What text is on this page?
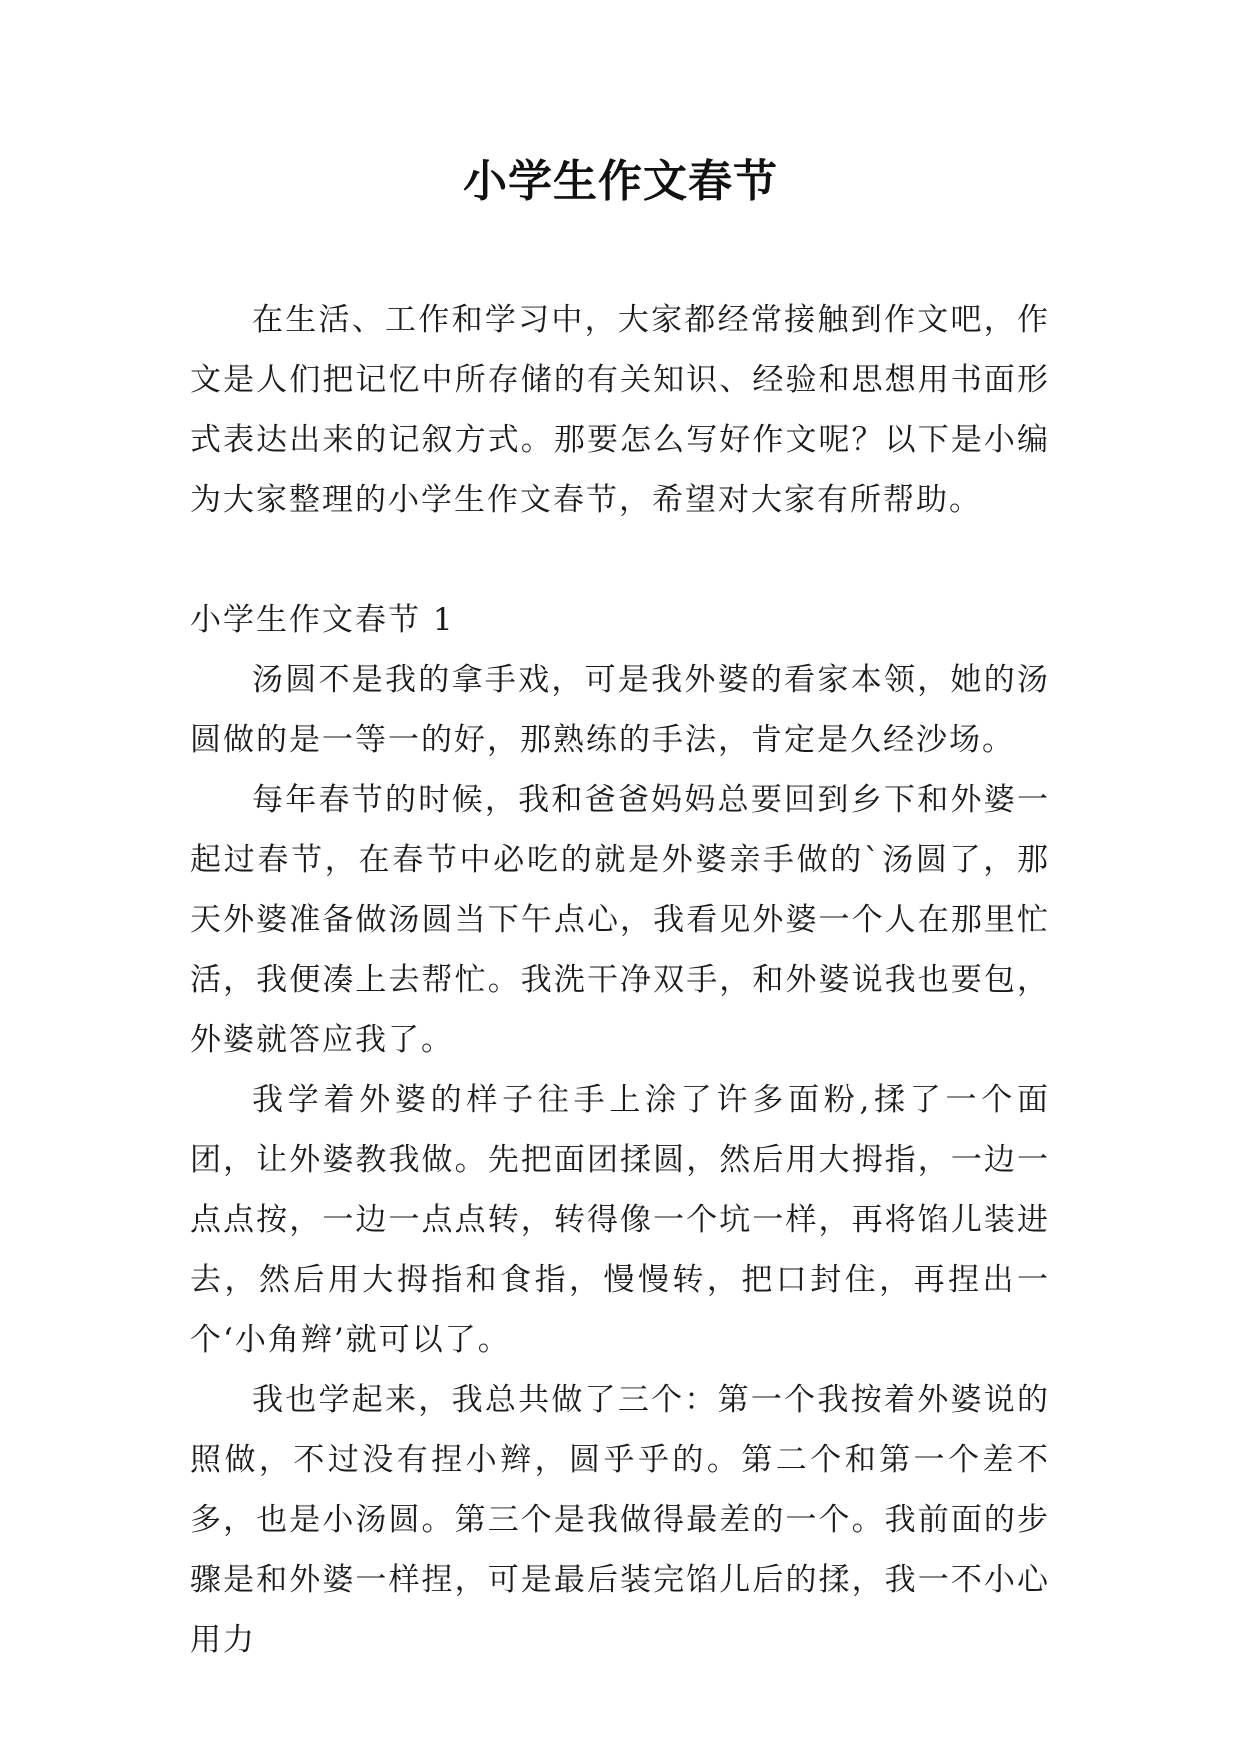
小学生作文春节

在生活、工作和学习中，大家都经常接触到作文吧，作文是人们把记忆中所存储的有关知识、经验和思想用书面形式表达出来的记叙方式。那要怎么写好作文呢？以下是小编为大家整理的小学生作文春节，希望对大家有所帮助。

小学生作文春节 1

汤圆不是我的拿手戏，可是我外婆的看家本领，她的汤圆做的是一等一的好，那熟练的手法，肯定是久经沙场。

每年春节的时候，我和爸爸妈妈总要回到乡下和外婆一起过春节，在春节中必吃的就是外婆亲手做的`汤圆了，那天外婆准备做汤圆当下午点心，我看见外婆一个人在那里忙活，我便凑上去帮忙。我洗干净双手，和外婆说我也要包，外婆就答应我了。

我学着外婆的样子往手上涂了许多面粉,揉了一个面团，让外婆教我做。先把面团揉圆，然后用大拇指，一边一点点按，一边一点点转，转得像一个坑一样，再将馅儿装进去，然后用大拇指和食指，慢慢转，把口封住，再捏出一个‘小角辫’就可以了。

我也学起来，我总共做了三个：第一个我按着外婆说的照做，不过没有捏小辫，圆乎乎的。第二个和第一个差不多，也是小汤圆。第三个是我做得最差的一个。我前面的步骤是和外婆一样捏，可是最后装完馅儿后的揉，我一不小心用力
